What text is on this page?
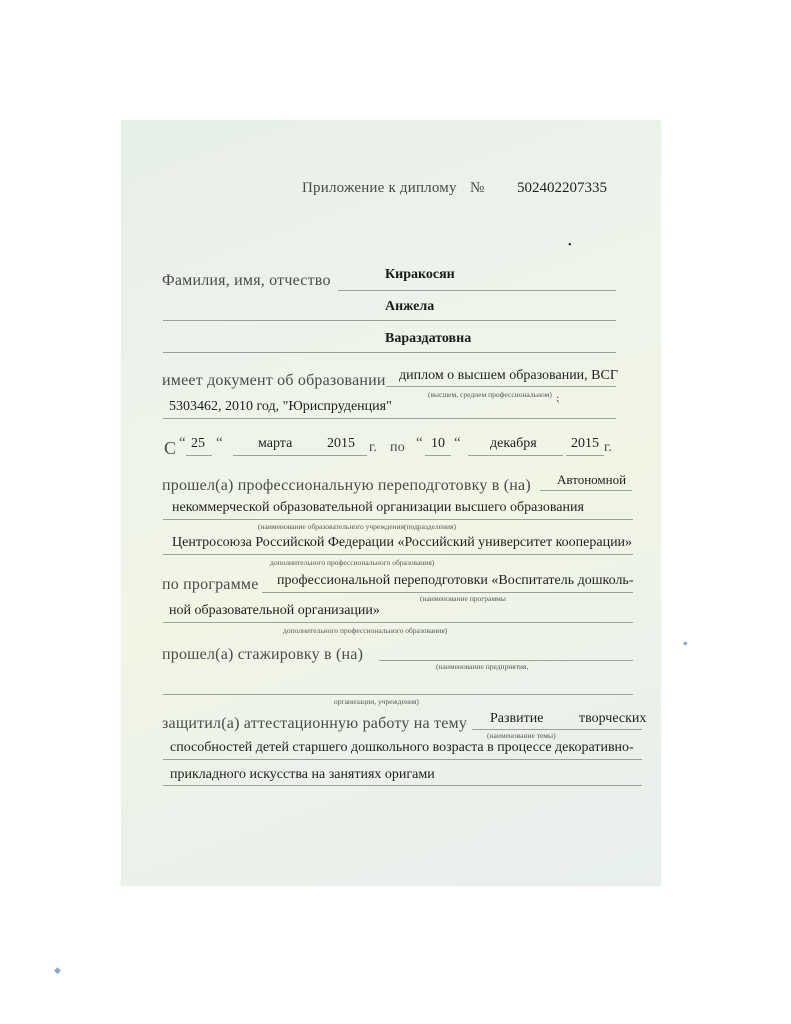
Приложение к диплому № 502402207335
•
Фамилия, имя, отчество	Киракосян
Анжела
Вараздатовна
имеет документ об образовании диплом о высшем образовании, ВСГ
(высшем, среднем профессиональном) ⁏
5303462, 2010 год, "Юриспруденция"
С “ 25 “	марта 2015 г. по “ 10 “ декабря 2015 г.
прошел(а) профессиональную переподготовку в (на) Автономной
некоммерческой образовательной организации высшего образования
(наименование образовательного учреждения(подразделения)
Центросоюза Российской Федерации «Российский университет кооперации»
дополнительного профессионального образования)
по программе профессиональной переподготовки «Воспитатель дошколь-
(наименование программы
ной образовательной организации»
дополнительного профессионального образования)
прошел(а) стажировку в (на)
(наименование предприятия,
организации, учреждения)
защитил(а) аттестационную работу на тему Развитие	творческих
(наименование темы)
способностей детей старшего дошкольного возраста в процессе декоративно-
прикладного искусства на занятиях оригами
◆
◆
